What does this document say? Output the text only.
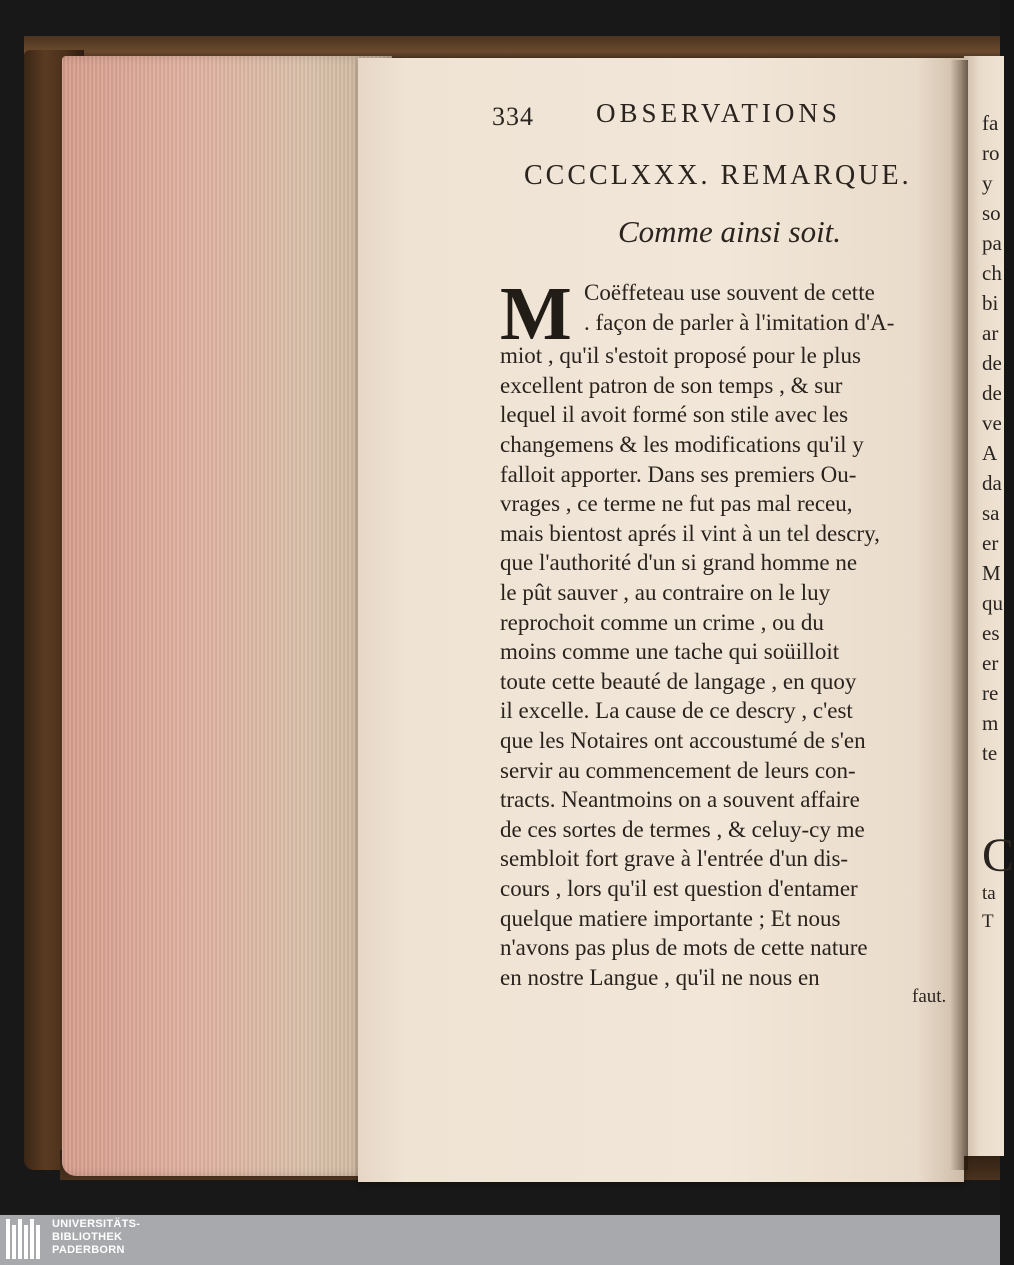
334 OBSERVATIONS
CCCCLXXX. REMARQUE.
Comme ainsi soit.
M Coëffeteau use souvent de cette
. façon de parler à l'imitation d'A-
miot , qu'il s'estoit proposé pour le plus
excellent patron de son temps , & sur
lequel il avoit formé son stile avec les
changemens & les modifications qu'il y
falloit apporter. Dans ses premiers Ou-
vrages , ce terme ne fut pas mal receu,
mais bientost aprés il vint à un tel descry,
que l'authorité d'un si grand homme ne
le pût sauver , au contraire on le luy
reprochoit comme un crime , ou du
moins comme une tache qui soüilloit
toute cette beauté de langage , en quoy
il excelle. La cause de ce descry , c'est
que les Notaires ont accoustumé de s'en
servir au commencement de leurs con-
tracts. Neantmoins on a souvent affaire
de ces sortes de termes , & celuy-cy me
sembloit fort grave à l'entrée d'un dis-
cours , lors qu'il est question d'entamer
quelque matiere importante ; Et nous
n'avons pas plus de mots de cette nature
en nostre Langue , qu'il ne nous en
faut.
fa
ro
y
so
pa
ch
bi
ar
de
de
ve
A
da
sa
er
M
qu
es
er
re
m
te
C
ta
T
UNIVERSITÄTS-
BIBLIOTHEK
PADERBORN
